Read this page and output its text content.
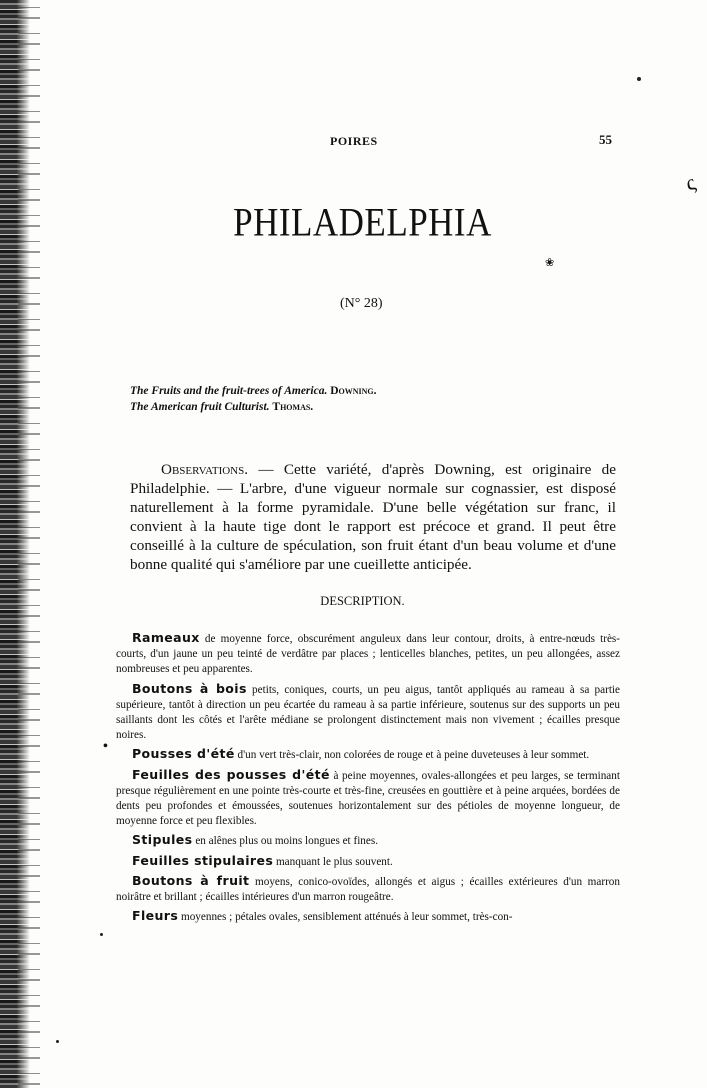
ς
❀
POIRES	55
PHILADELPHIA
(N° 28)
The Fruits and the fruit-trees of America. Downing.
The American fruit Culturist. Thomas.
Observations. — Cette variété, d'après Downing, est originaire de Philadelphie. — L'arbre, d'une vigueur normale sur cognassier, est disposé naturellement à la forme pyramidale. D'une belle végétation sur franc, il convient à la haute tige dont le rapport est précoce et grand. Il peut être conseillé à la culture de spéculation, son fruit étant d'un beau volume et d'une bonne qualité qui s'améliore par une cueillette anticipée.
DESCRIPTION.
•
Rameaux de moyenne force, obscurément anguleux dans leur contour, droits, à entre-nœuds très-courts, d'un jaune un peu teinté de verdâtre par places ; lenticelles blanches, petites, un peu allongées, assez nombreuses et peu apparentes.
Boutons à bois petits, coniques, courts, un peu aigus, tantôt appliqués au rameau à sa partie supérieure, tantôt à direction un peu écartée du rameau à sa partie inférieure, soutenus sur des supports un peu saillants dont les côtés et l'arête médiane se prolongent distinctement mais non vivement ; écailles presque noires.
Pousses d'été d'un vert très-clair, non colorées de rouge et à peine duveteuses à leur sommet.
Feuilles des pousses d'été à peine moyennes, ovales-allongées et peu larges, se terminant presque régulièrement en une pointe très-courte et très-fine, creusées en gouttière et à peine arquées, bordées de dents peu profondes et émoussées, soutenues horizontalement sur des pétioles de moyenne longueur, de moyenne force et peu flexibles.
Stipules en alênes plus ou moins longues et fines.
Feuilles stipulaires manquant le plus souvent.
Boutons à fruit moyens, conico-ovoïdes, allongés et aigus ; écailles extérieures d'un marron noirâtre et brillant ; écailles intérieures d'un marron rougeâtre.
Fleurs moyennes ; pétales ovales, sensiblement atténués à leur sommet, très-con-
